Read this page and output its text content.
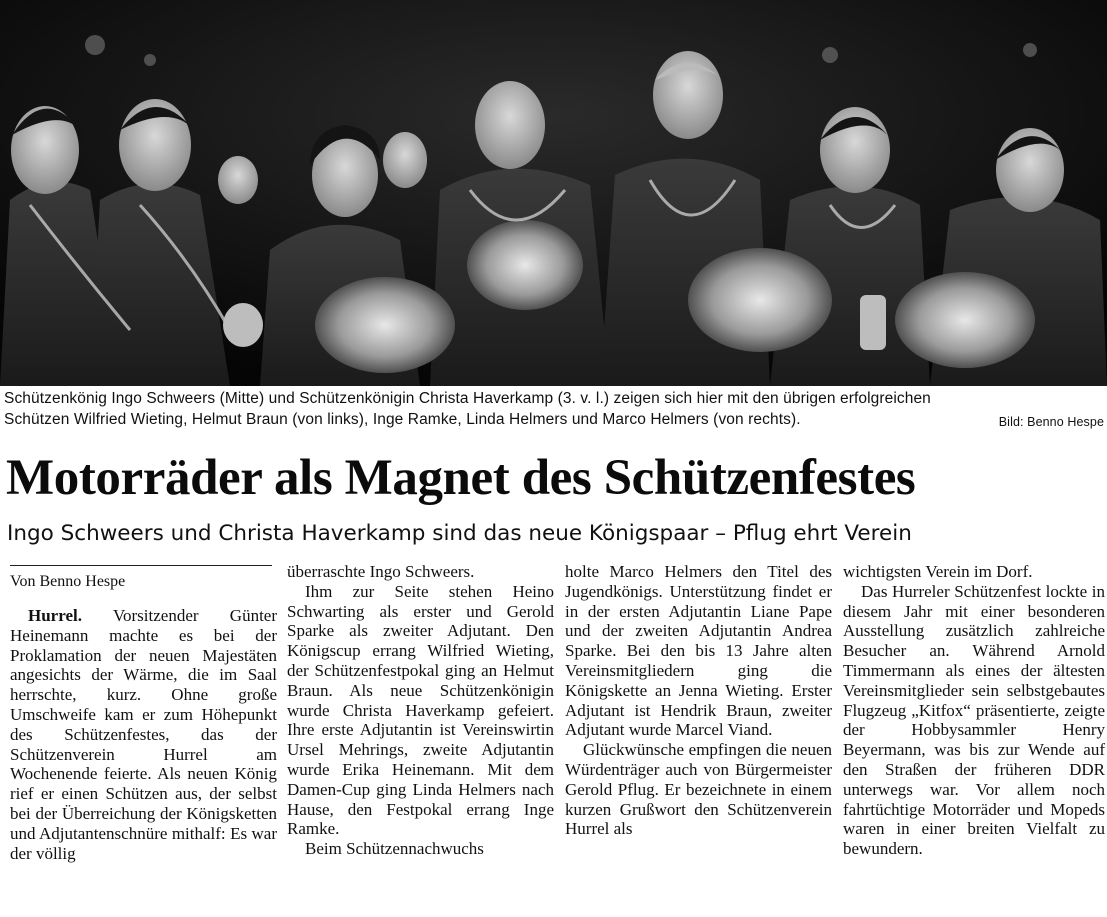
Schützenkönig Ingo Schweers (Mitte) und Schützenkönigin Christa Haverkamp (3. v. l.) zeigen sich hier mit den übrigen erfolgreichen
Schützen Wilfried Wieting, Helmut Braun (von links), Inge Ramke, Linda Helmers und Marco Helmers (von rechts).	Bild: Benno Hespe
Motorräder als Magnet des Schützenfestes
Ingo Schweers und Christa Haverkamp sind das neue Königspaar – Pflug ehrt Verein
Von Benno Hespe

Hurrel. Vorsitzender Günter Heinemann machte es bei der Proklamation der neuen Majestäten angesichts der Wärme, die im Saal herrschte, kurz. Ohne große Umschweife kam er zum Höhepunkt des Schützenfestes, das der Schützenverein Hurrel am Wochenende feierte. Als neuen König rief er einen Schützen aus, der selbst bei der Überreichung der Königsketten und Adjutantenschnüre mithalf: Es war der völlig

überraschte Ingo Schweers.

Ihm zur Seite stehen Heino Schwarting als erster und Gerold Sparke als zweiter Adjutant. Den Königscup errang Wilfried Wieting, der Schützenfestpokal ging an Helmut Braun. Als neue Schützenkönigin wurde Christa Haverkamp gefeiert. Ihre erste Adjutantin ist Vereinswirtin Ursel Mehrings, zweite Adjutantin wurde Erika Heinemann. Mit dem Damen-Cup ging Linda Helmers nach Hause, den Festpokal errang Inge Ramke.

Beim Schützennachwuchs

holte Marco Helmers den Titel des Jugendkönigs. Unterstützung findet er in der ersten Adjutantin Liane Pape und der zweiten Adjutantin Andrea Sparke. Bei den bis 13 Jahre alten Vereinsmitgliedern ging die Königskette an Jenna Wieting. Erster Adjutant ist Hendrik Braun, zweiter Adjutant wurde Marcel Viand.

Glückwünsche empfingen die neuen Würdenträger auch von Bürgermeister Gerold Pflug. Er bezeichnete in einem kurzen Grußwort den Schützenverein Hurrel als

wichtigsten Verein im Dorf.

Das Hurreler Schützenfest lockte in diesem Jahr mit einer besonderen Ausstellung zusätzlich zahlreiche Besucher an. Während Arnold Timmermann als eines der ältesten Vereinsmitglieder sein selbstgebautes Flugzeug „Kitfox“ präsentierte, zeigte der Hobbysammler Henry Beyermann, was bis zur Wende auf den Straßen der früheren DDR unterwegs war. Vor allem noch fahrtüchtige Motorräder und Mopeds waren in einer breiten Vielfalt zu bewundern.
